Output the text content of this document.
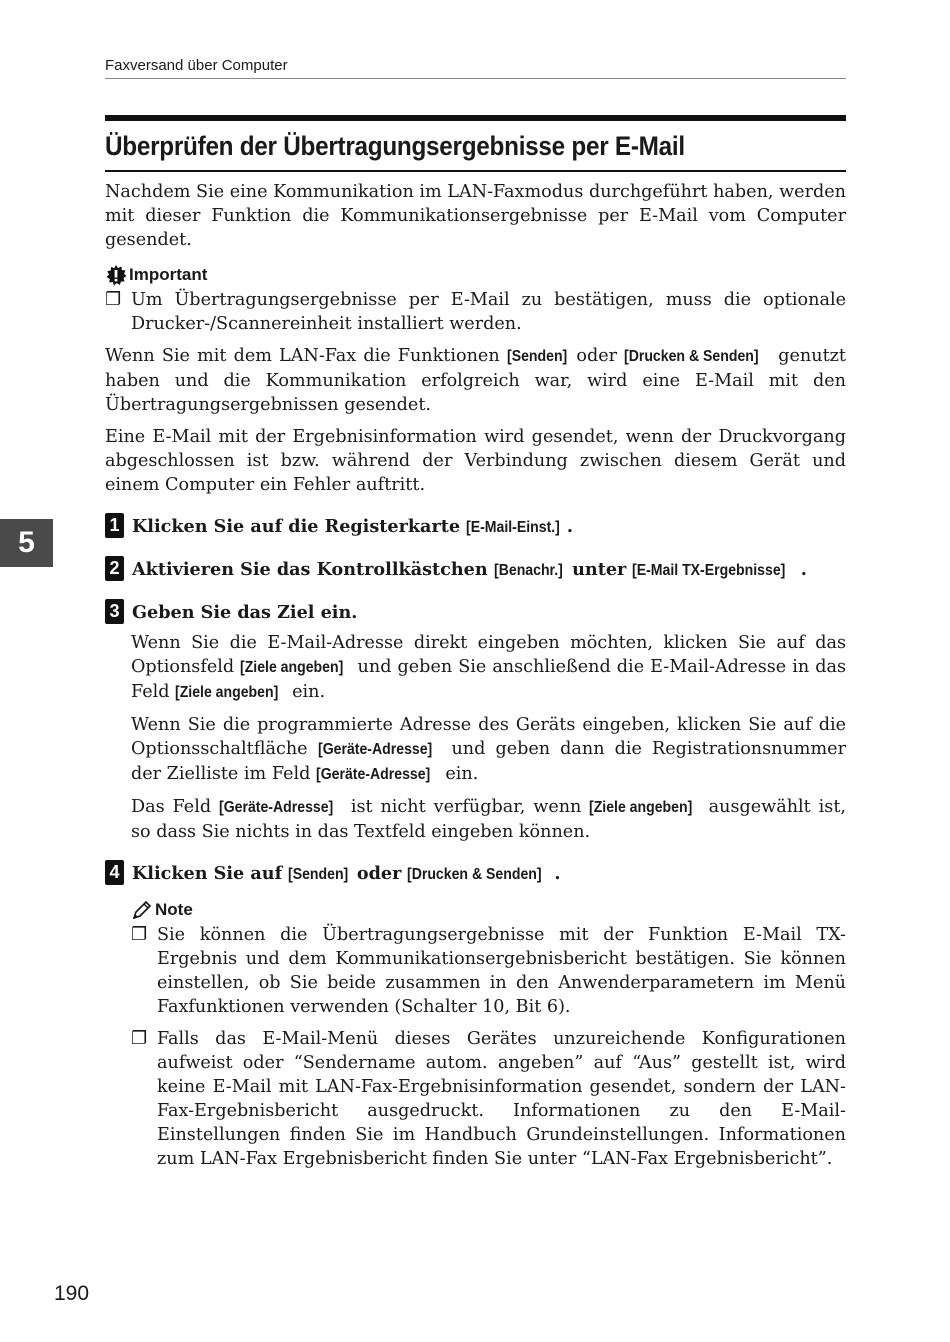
Faxversand über Computer
Überprüfen der Übertragungsergebnisse per E-Mail
5

Nachdem Sie eine Kommunikation im LAN-Faxmodus durchgeführt haben, werden mit dieser Funktion die Kommunikationsergebnisse per E-Mail vom Computer gesendet.

Important
❐ Um Übertragungsergebnisse per E-Mail zu bestätigen, muss die optionale Drucker-/Scannereinheit installiert werden.

Wenn Sie mit dem LAN-Fax die Funktionen [Senden] oder [Drucken & Senden] genutzt haben und die Kommunikation erfolgreich war, wird eine E-Mail mit den Übertragungsergebnissen gesendet.

Eine E-Mail mit der Ergebnisinformation wird gesendet, wenn der Druckvorgang abgeschlossen ist bzw. während der Verbindung zwischen diesem Gerät und einem Computer ein Fehler auftritt.

1 Klicken Sie auf die Registerkarte [E-Mail-Einst.] .
2 Aktivieren Sie das Kontrollkästchen [Benachr.] unter [E-Mail TX-Ergebnisse] .
3 Geben Sie das Ziel ein.

Wenn Sie die E-Mail-Adresse direkt eingeben möchten, klicken Sie auf das Optionsfeld [Ziele angeben] und geben Sie anschließend die E-Mail-Adresse in das Feld [Ziele angeben] ein.

Wenn Sie die programmierte Adresse des Geräts eingeben, klicken Sie auf die Optionsschaltfläche [Geräte-Adresse] und geben dann die Registrationsnummer der Zielliste im Feld [Geräte-Adresse] ein.

Das Feld [Geräte-Adresse] ist nicht verfügbar, wenn [Ziele angeben] ausgewählt ist, so dass Sie nichts in das Textfeld eingeben können.

4 Klicken Sie auf [Senden] oder [Drucken & Senden] .
Note
❐ Sie können die Übertragungsergebnisse mit der Funktion E-Mail TX-Ergebnis und dem Kommunikationsergebnisbericht bestätigen. Sie können einstellen, ob Sie beide zusammen in den Anwenderparametern im Menü Faxfunktionen verwenden (Schalter 10, Bit 6).
❐ Falls das E-Mail-Menü dieses Gerätes unzureichende Konfigurationen aufweist oder “Sendername autom. angeben” auf “Aus” gestellt ist, wird keine E-Mail mit LAN-Fax-Ergebnisinformation gesendet, sondern der LAN-Fax-Ergebnisbericht ausgedruckt. Informationen zu den E-Mail-Einstellungen finden Sie im Handbuch Grundeinstellungen. Informationen zum LAN-Fax Ergebnisbericht finden Sie unter “LAN-Fax Ergebnisbericht”.
190
